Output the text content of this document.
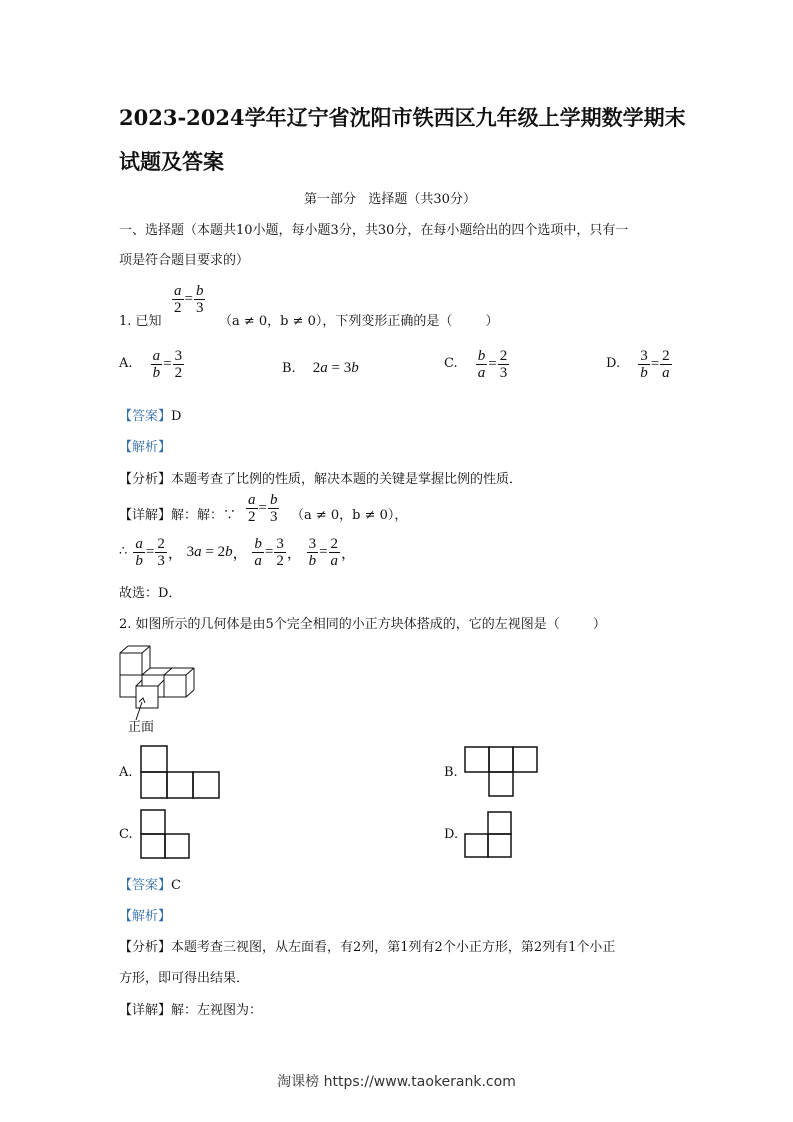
2023-2024学年辽宁省沈阳市铁西区九年级上学期数学期末
试题及答案
第一部分   选择题（共30分）
一、选择题（本题共10小题，每小题3分，共30分，在每小题给出的四个选项中，只有一
项是符合题目要求的）
1. 已知
$\frac{a}{2} = \frac{b}{3}$
（a ≠ 0，b ≠ 0），下列变形正确的是（        ）
A. $\frac{a}{b} = \frac{3}{2}$	B. 2a = 3b	C. $\frac{b}{a} = \frac{2}{3}$	D. $\frac{3}{b} = \frac{2}{a}$
【答案】D
【解析】
【分析】本题考查了比例的性质，解决本题的关键是掌握比例的性质．
【详解】 解：解：∵ $\frac{a}{2} = \frac{b}{3} (a \ne 0$，b ≠ 0），
∴ $\frac{a}{b} = \frac{2}{3}$ ， 3a = 2b， $\frac{b}{a} = \frac{3}{2}$ ， $\frac{3}{b} = \frac{2}{a}$ ，
故选：D．
2. 如图所示的几何体是由5个完全相同的小正方块体搭成的，它的左视图是（        ）
正面
A.	B.
C.	D.
【答案】C
【解析】
【分析】本题考查三视图，从左面看，有2列，第1列有2个小正方形，第2列有1个小正
方形，即可得出结果．
【详解】解：左视图为：
淘课榜 https://www.taokerank.com
